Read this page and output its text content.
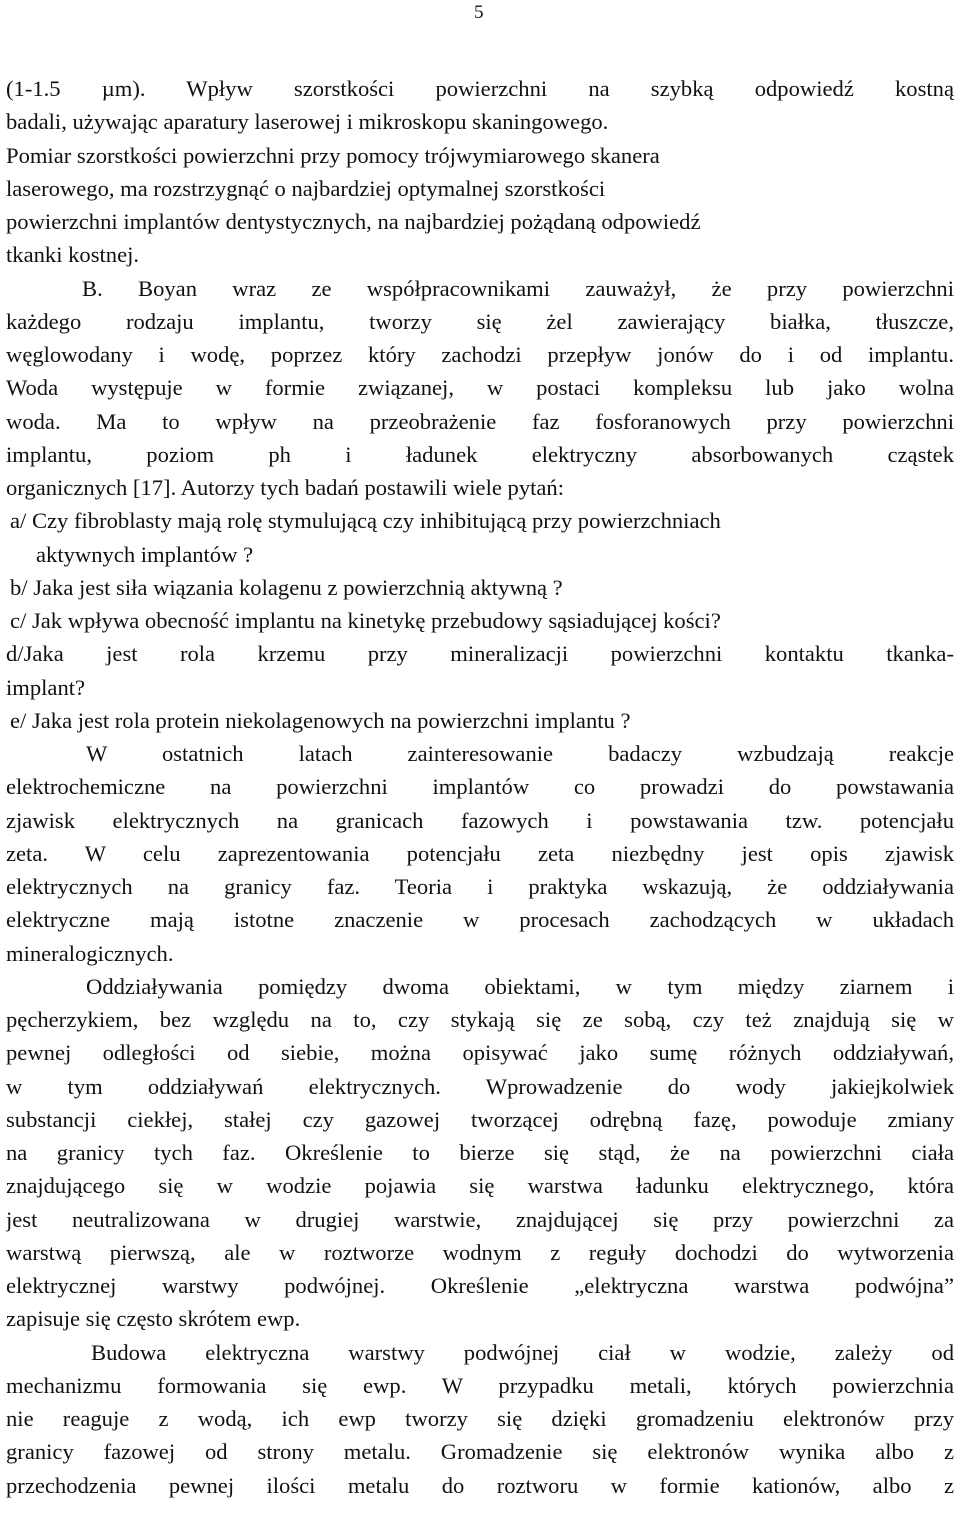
5
(1-1.5 µm). Wpływ szorstkości powierzchni na szybką odpowiedź kostną
badali, używając aparatury laserowej i mikroskopu skaningowego.
Pomiar szorstkości powierzchni przy pomocy trójwymiarowego skanera
laserowego, ma rozstrzygnąć o najbardziej optymalnej szorstkości
powierzchni implantów dentystycznych, na najbardziej pożądaną odpowiedź
tkanki kostnej.
B. Boyan wraz ze współpracownikami zauważył, że przy powierzchni
każdego rodzaju implantu, tworzy się żel zawierający białka, tłuszcze,
węglowodany i wodę, poprzez który zachodzi przepływ jonów do i od implantu.
Woda występuje w formie związanej, w postaci kompleksu lub jako wolna
woda. Ma to wpływ na przeobrażenie faz fosforanowych przy powierzchni
implantu, poziom ph i ładunek elektryczny absorbowanych cząstek
organicznych [17]. Autorzy tych badań postawili wiele pytań:
a/ Czy fibroblasty mają rolę stymulującą czy inhibitującą przy powierzchniach
aktywnych implantów ?
b/ Jaka jest siła wiązania kolagenu z powierzchnią aktywną ?
c/ Jak wpływa obecność implantu na kinetykę przebudowy sąsiadującej kości?
d/Jaka jest rola krzemu przy mineralizacji powierzchni kontaktu tkanka-
implant?
e/ Jaka jest rola protein niekolagenowych na powierzchni implantu ?
W ostatnich latach zainteresowanie badaczy wzbudzają reakcje
elektrochemiczne na powierzchni implantów co prowadzi do powstawania
zjawisk elektrycznych na granicach fazowych i powstawania tzw. potencjału
zeta. W celu zaprezentowania potencjału zeta niezbędny jest opis zjawisk
elektrycznych na granicy faz. Teoria i praktyka wskazują, że oddziaływania
elektryczne mają istotne znaczenie w procesach zachodzących w układach
mineralogicznych.
Oddziaływania pomiędzy dwoma obiektami, w tym między ziarnem i
pęcherzykiem, bez względu na to, czy stykają się ze sobą, czy też znajdują się w
pewnej odległości od siebie, można opisywać jako sumę różnych oddziaływań,
w tym oddziaływań elektrycznych. Wprowadzenie do wody jakiejkolwiek
substancji ciekłej, stałej czy gazowej tworzącej odrębną fazę, powoduje zmiany
na granicy tych faz. Określenie to bierze się stąd, że na powierzchni ciała
znajdującego się w wodzie pojawia się warstwa ładunku elektrycznego, która
jest neutralizowana w drugiej warstwie, znajdującej się przy powierzchni za
warstwą pierwszą, ale w roztworze wodnym z reguły dochodzi do wytworzenia
elektrycznej warstwy podwójnej. Określenie „elektryczna warstwa podwójna”
zapisuje się często skrótem ewp.
Budowa elektryczna warstwy podwójnej ciał w wodzie, zależy od
mechanizmu formowania się ewp. W przypadku metali, których powierzchnia
nie reaguje z wodą, ich ewp tworzy się dzięki gromadzeniu elektronów przy
granicy fazowej od strony metalu. Gromadzenie się elektronów wynika albo z
przechodzenia pewnej ilości metalu do roztworu w formie kationów, albo z
